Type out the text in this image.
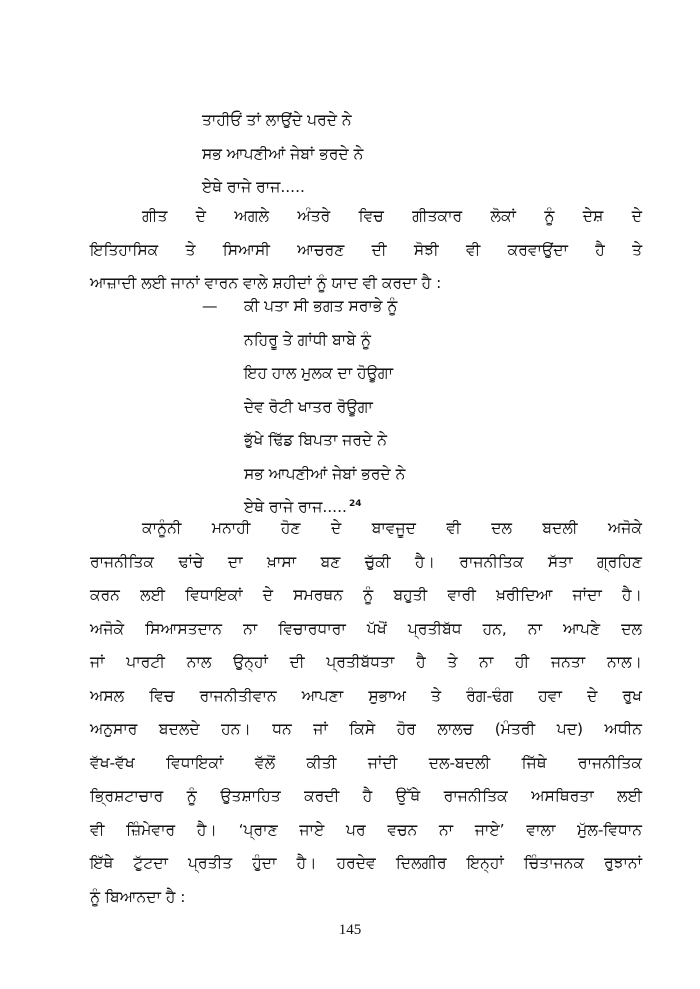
ਤਾਹੀਓਂ ਤਾਂ ਲਾਉਂਦੇ ਪਰਦੇ ਨੇ
ਸਭ ਆਪਣੀਆਂ ਜੇਬਾਂ ਭਰਦੇ ਨੇ
ਏਥੇ ਰਾਜੇ ਰਾਜ.....
ਗੀਤ ਦੇ ਅਗਲੇ ਅੰਤਰੇ ਵਿਚ ਗੀਤਕਾਰ ਲੋਕਾਂ ਨੂੰ ਦੇਸ਼ ਦੇ
ਇਤਿਹਾਸਿਕ ਤੇ ਸਿਆਸੀ ਆਚਰਣ ਦੀ ਸੋਝੀ ਵੀ ਕਰਵਾਉਂਦਾ ਹੈ ਤੇ
ਆਜ਼ਾਦੀ ਲਈ ਜਾਨਾਂ ਵਾਰਨ ਵਾਲੇ ਸ਼ਹੀਦਾਂ ਨੂੰ ਯਾਦ ਵੀ ਕਰਦਾ ਹੈ :
— ਕੀ ਪਤਾ ਸੀ ਭਗਤ ਸਰਾਭੇ ਨੂੰ
ਨਹਿਰੂ ਤੇ ਗਾਂਧੀ ਬਾਬੇ ਨੂੰ
ਇਹ ਹਾਲ ਮੁਲਕ ਦਾ ਹੋਊਗਾ
ਦੇਵ ਰੋਟੀ ਖਾਤਰ ਰੋਊਗਾ
ਭੁੱਖੇ ਢਿੱਡ ਬਿਪਤਾ ਜਰਦੇ ਨੇ
ਸਭ ਆਪਣੀਆਂ ਜੇਬਾਂ ਭਰਦੇ ਨੇ
ਏਥੇ ਰਾਜੇ ਰਾਜ..... $^{24}$
ਕਾਨੂੰਨੀ ਮਨਾਹੀ ਹੋਣ ਦੇ ਬਾਵਜੂਦ ਵੀ ਦਲ ਬਦਲੀ ਅਜੋਕੇ
ਰਾਜਨੀਤਿਕ ਢਾਂਚੇ ਦਾ ਖ਼ਾਸਾ ਬਣ ਚੁੱਕੀ ਹੈ। ਰਾਜਨੀਤਿਕ ਸੱਤਾ ਗ੍ਰਹਿਣ
ਕਰਨ ਲਈ ਵਿਧਾਇਕਾਂ ਦੇ ਸਮਰਥਨ ਨੂੰ ਬਹੁਤੀ ਵਾਰੀ ਖ਼ਰੀਦਿਆ ਜਾਂਦਾ ਹੈ।
ਅਜੋਕੇ ਸਿਆਸਤਦਾਨ ਨਾ ਵਿਚਾਰਧਾਰਾ ਪੱਖੋਂ ਪ੍ਰਤੀਬੱਧ ਹਨ, ਨਾ ਆਪਣੇ ਦਲ
ਜਾਂ ਪਾਰਟੀ ਨਾਲ ਉਨ੍ਹਾਂ ਦੀ ਪ੍ਰਤੀਬੱਧਤਾ ਹੈ ਤੇ ਨਾ ਹੀ ਜਨਤਾ ਨਾਲ।
ਅਸਲ ਵਿਚ ਰਾਜਨੀਤੀਵਾਨ ਆਪਣਾ ਸੁਭਾਅ ਤੇ ਰੰਗ-ਢੰਗ ਹਵਾ ਦੇ ਰੁਖ
ਅਨੁਸਾਰ ਬਦਲਦੇ ਹਨ। ਧਨ ਜਾਂ ਕਿਸੇ ਹੋਰ ਲਾਲਚ (ਮੰਤਰੀ ਪਦ) ਅਧੀਨ
ਵੱਖ-ਵੱਖ ਵਿਧਾਇਕਾਂ ਵੱਲੋਂ ਕੀਤੀ ਜਾਂਦੀ ਦਲ-ਬਦਲੀ ਜਿੱਥੇ ਰਾਜਨੀਤਿਕ
ਭ੍ਰਿਸ਼ਟਾਚਾਰ ਨੂੰ ਉਤਸ਼ਾਹਿਤ ਕਰਦੀ ਹੈ ਉੱਥੇ ਰਾਜਨੀਤਿਕ ਅਸਥਿਰਤਾ ਲਈ
ਵੀ ਜ਼ਿੰਮੇਵਾਰ ਹੈ। ‘ਪ੍ਰਾਣ ਜਾਏ ਪਰ ਵਚਨ ਨਾ ਜਾਏ’ ਵਾਲਾ ਮੁੱਲ-ਵਿਧਾਨ
ਇੱਥੇ ਟੁੱਟਦਾ ਪ੍ਰਤੀਤ ਹੁੰਦਾ ਹੈ। ਹਰਦੇਵ ਦਿਲਗੀਰ ਇਨ੍ਹਾਂ ਚਿੰਤਾਜਨਕ ਰੁਝਾਨਾਂ
ਨੂੰ ਬਿਆਨਦਾ ਹੈ :
145
